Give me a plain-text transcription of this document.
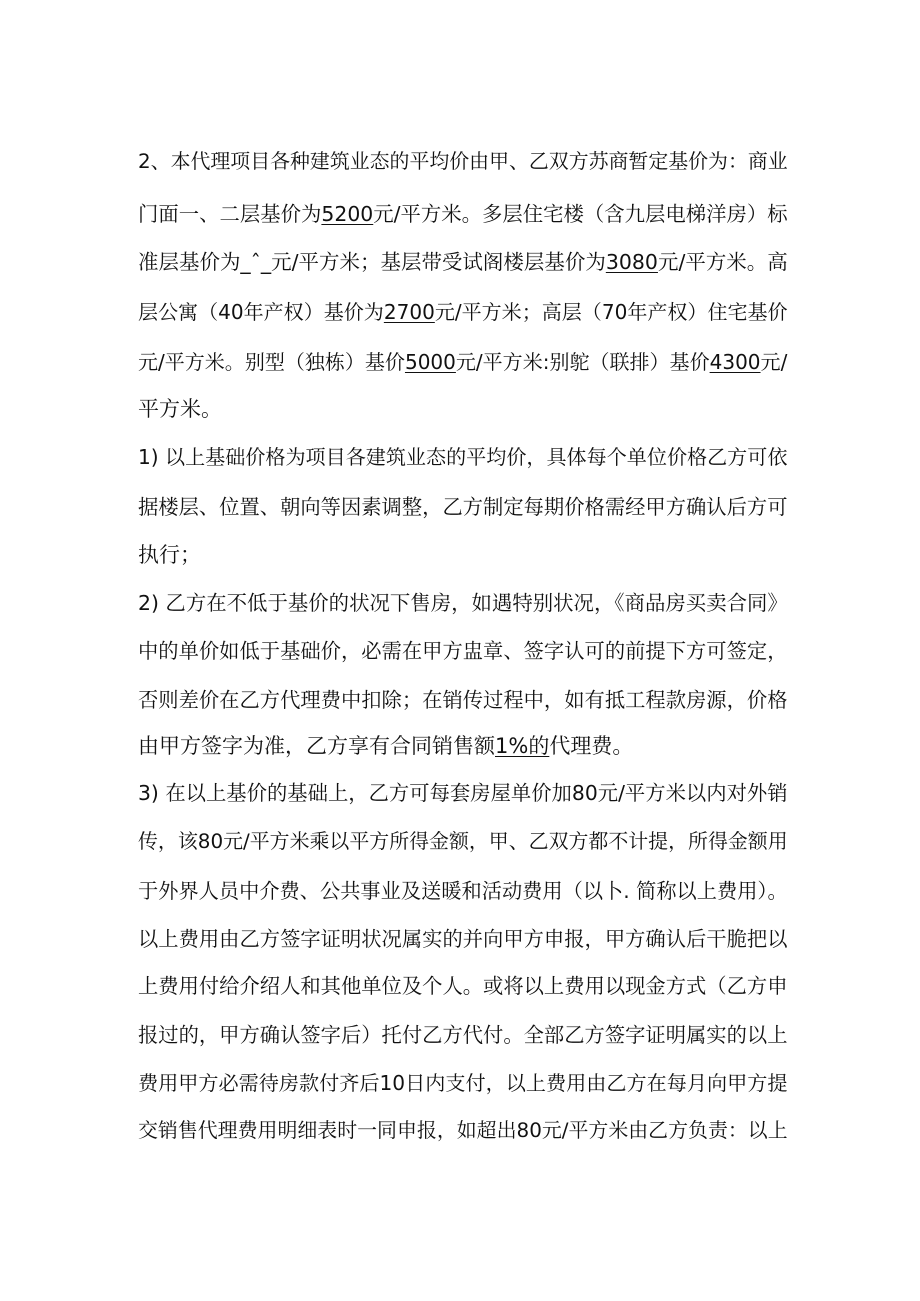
2、本代理项目各种建筑业态的平均价由甲、乙双方苏商暂定基价为：商业
门面一、二层基价为5200元/平方米。多层住宅楼（含九层电梯洋房）标
准层基价为_ˆ_元/平方米；基层带受试阁楼层基价为3080元/平方米。高
层公寓（40年产权）基价为2700元/平方米；高层（70年产权）住宅基价
元/平方米。别型（独栋）基价5000元/平方米:别鸵（联排）基价4300元/
平方米。
1) 以上基础价格为项目各建筑业态的平均价，具体每个单位价格乙方可依
据楼层、位置、朝向等因素调整，乙方制定每期价格需经甲方确认后方可
执行；
2) 乙方在不低于基价的状况下售房，如遇特别状况，《商品房买卖合同》
中的单价如低于基础价，必需在甲方盅章、签字认可的前提下方可签定，
否则差价在乙方代理费中扣除；在销传过程中，如有抵工程款房源，价格
由甲方签字为准，乙方享有合同销售额1%的代理费。
3) 在以上基价的基础上，乙方可每套房屋单价加80元/平方米以内对外销
传，该80元/平方米乘以平方所得金额，甲、乙双方都不计提，所得金额用
于外界人员中介费、公共事业及送暖和活动费用（以卜. 简称以上费用）。
以上费用由乙方签字证明状况属实的并向甲方申报，甲方确认后干脆把以
上费用付给介绍人和其他单位及个人。或将以上费用以现金方式（乙方申
报过的，甲方确认签字后）托付乙方代付。全部乙方签字证明属实的以上
费用甲方必需待房款付齐后10日内支付，以上费用由乙方在每月向甲方提
交销售代理费用明细表时一同申报，如超出80元/平方米由乙方负责：以上
